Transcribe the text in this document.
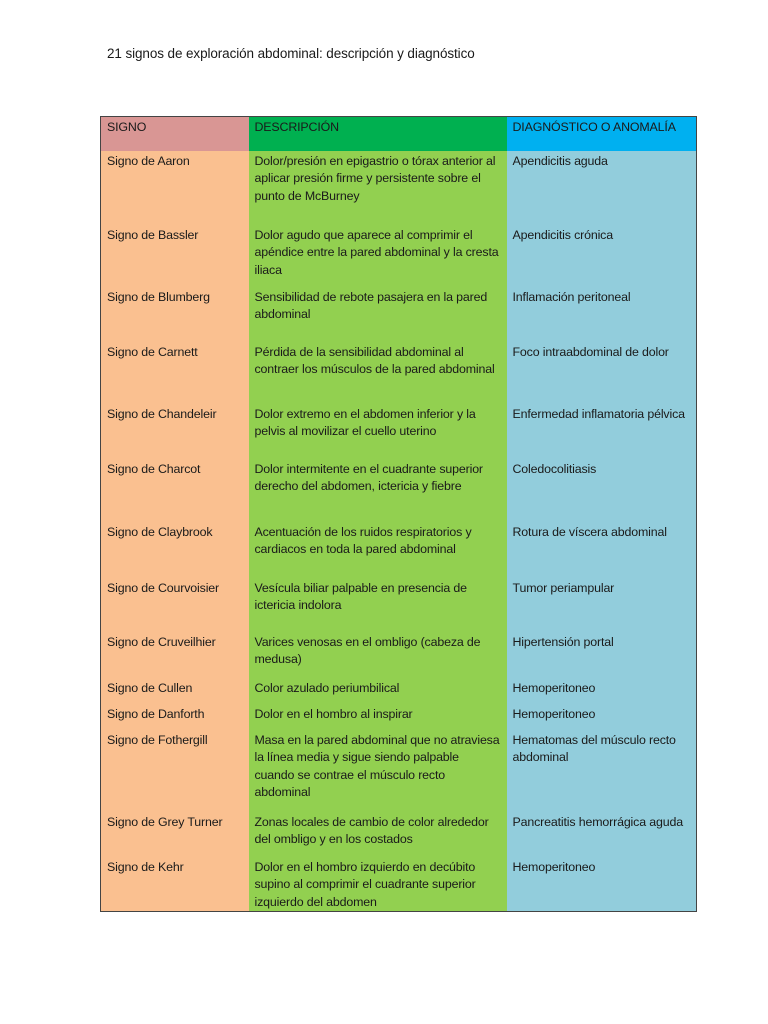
21 signos de exploración abdominal: descripción y diagnóstico
SIGNO	DESCRIPCIÓN	DIAGNÓSTICO O ANOMALÍA
Signo de Aaron	Dolor/presión en epigastrio o tórax anterior al aplicar presión firme y persistente sobre el punto de McBurney	Apendicitis aguda
Signo de Bassler	Dolor agudo que aparece al comprimir el apéndice entre la pared abdominal y la cresta iliaca	Apendicitis crónica
Signo de Blumberg	Sensibilidad de rebote pasajera en la pared abdominal	Inflamación peritoneal
Signo de Carnett	Pérdida de la sensibilidad abdominal al contraer los músculos de la pared abdominal	Foco intraabdominal de dolor
Signo de Chandeleir	Dolor extremo en el abdomen inferior y la pelvis al movilizar el cuello uterino	Enfermedad inflamatoria pélvica
Signo de Charcot	Dolor intermitente en el cuadrante superior derecho del abdomen, ictericia y fiebre	Coledocolitiasis
Signo de Claybrook	Acentuación de los ruidos respiratorios y cardiacos en toda la pared abdominal	Rotura de víscera abdominal
Signo de Courvoisier	Vesícula biliar palpable en presencia de ictericia indolora	Tumor periampular
Signo de Cruveilhier	Varices venosas en el ombligo (cabeza de medusa)	Hipertensión portal
Signo de Cullen	Color azulado periumbilical	Hemoperitoneo
Signo de Danforth	Dolor en el hombro al inspirar	Hemoperitoneo
Signo de Fothergill	Masa en la pared abdominal que no atraviesa la línea media y sigue siendo palpable cuando se contrae el músculo recto abdominal	Hematomas del músculo recto abdominal
Signo de Grey Turner	Zonas locales de cambio de color alrededor del ombligo y en los costados	Pancreatitis hemorrágica aguda
Signo de Kehr	Dolor en el hombro izquierdo en decúbito supino al comprimir el cuadrante superior izquierdo del abdomen	Hemoperitoneo
